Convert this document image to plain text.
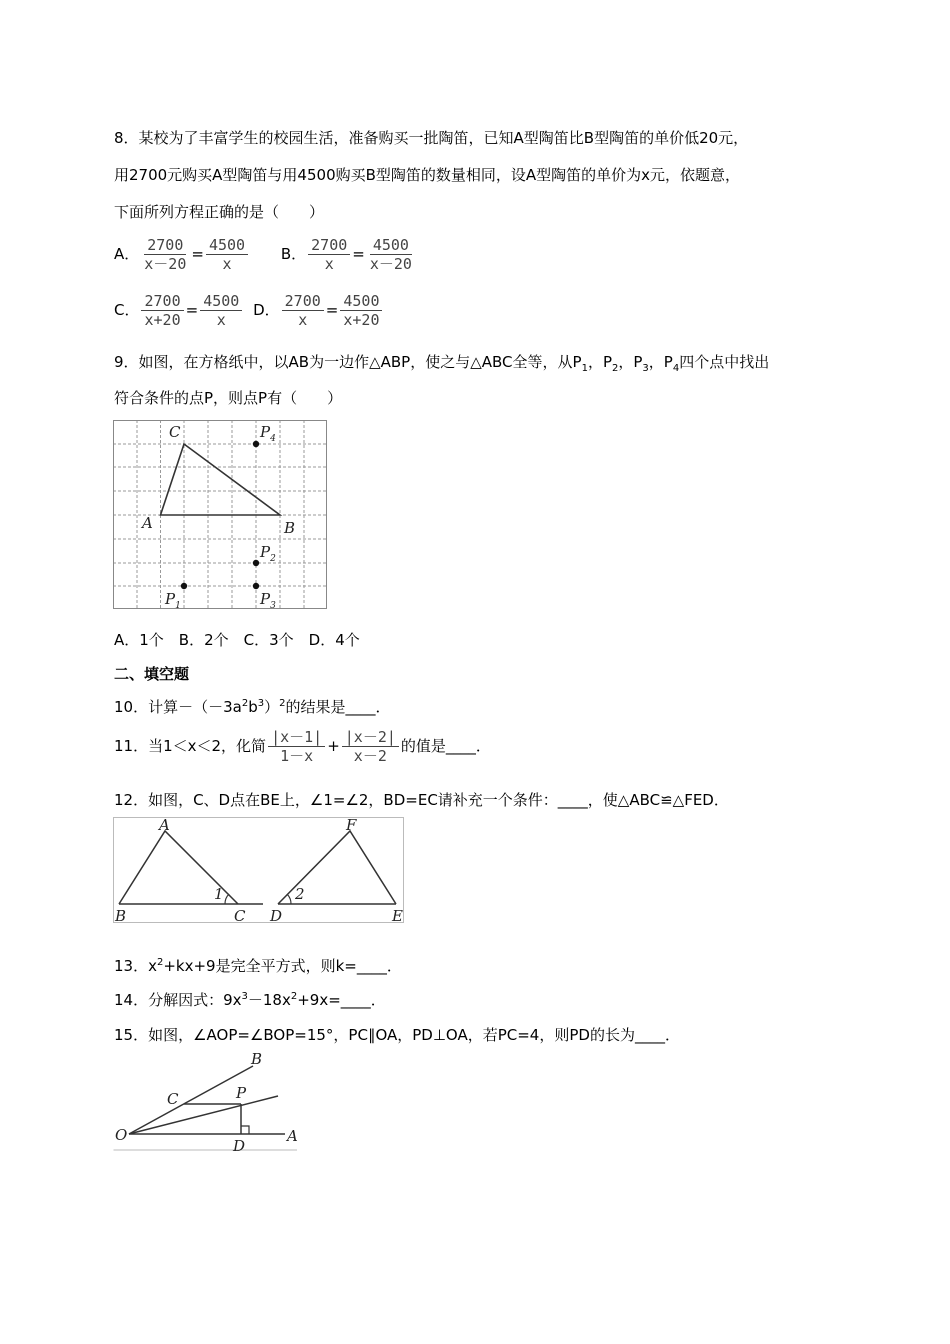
8．某校为了丰富学生的校园生活，准备购买一批陶笛，已知A型陶笛比B型陶笛的单价低20元，
用2700元购买A型陶笛与用4500购买B型陶笛的数量相同，设A型陶笛的单价为x元，依题意，
下面所列方程正确的是（　　）
A． $\frac{2700}{x-20} = \frac{4500}{x}$ B． $\frac{2700}{x} = \frac{4500}{x-20}$
C． $\frac{2700}{x+20} = \frac{4500}{x}$ D． $\frac{2700}{x} = \frac{4500}{x+20}$
9．如图，在方格纸中，以AB为一边作△ABP，使之与△ABC全等，从$P_1$，$P_2$，$P_3$，$P_4$四个点中找出
符合条件的点P，则点P有（　　）
C
A	B
$P_4$
$P_2$
$P_1$	$P_3$
A．1个　B．2个　C．3个　D．4个
二、填空题
10．计算$-(-3a^2b^3)^2$的结果是____．
11．当1＜x＜2，化简 $\frac{|x-1|}{1-x} + \frac{|x-2|}{x-2}$ 的值是____．
12．如图，C、D点在BE上，∠1=∠2，BD=EC请补充一个条件：____，使△ABC≌△FED．
A	F
B	C D	E
1	2
13．$x^2+kx+9$是完全平方式，则k=____．
14．分解因式：$9x^3-18x^2+9x=\_\_\_\_$．
15．如图，∠AOP=∠BOP=15°，PC∥OA，PD⊥OA，若PC=4，则PD的长为____．
O	A
B
C	P
D
